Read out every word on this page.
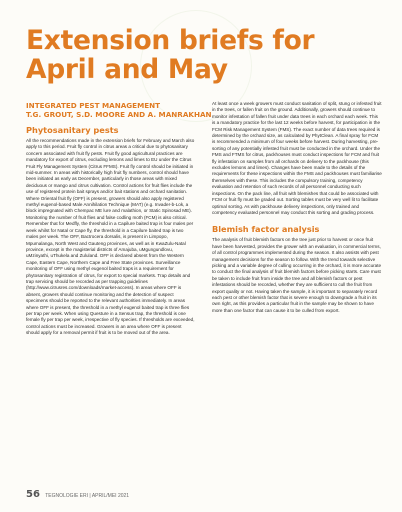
Extension briefs for
April and May

INTEGRATED PEST MANAGEMENT

T.G. GROUT, S.D. MOORE AND A. MANRAKHAN

Phytosanitary pests

All the recommendations made in the extension briefs for February and March also apply to this period. Fruit fly control in citrus areas a critical due to phytosanitary concern associated with fruit fly pests. Fruit fly good agricultural practices are mandatory for export of citrus, excluding lemons and limes to EU under the Citrus Fruit Fly Management System (Citrus FFMS). Fruit fly control should be initiated in mid-summer. In areas with historically high fruit fly numbers, control should have been initiated as early as December, particularly in those areas with mixed deciduous or mango and citrus cultivation. Control actions for fruit flies include the use of registered protein bait sprays and/or bait stations and orchard sanitation. Where Oriental fruit fly (OFF) is present, growers should also apply registered methyl eugenol-based Male Annihilation Technique (MAT) (e.g. Invader-b-Lok, a block impregnated with Chempac ME lure and malathion, or Static Spinosad ME). Monitoring the number of fruit flies and false codling moth (FCM) is also critical. Remember that for Medfly, the threshold in a Capilure baited trap is four males per week whilst for Natal or Cape fly, the threshold in a Capilure baited trap is two males per week. The OFF, Bactrocera dorsalis, is present in Limpopo, Mpumalanga, North West and Gauteng provinces, as well as in KwaZulu-Natal province, except in the magisterial districts of Amajuba, uMgungundlovu, uMzinyathi, uThukela and Zululand. OFF is declared absent from the Western Cape, Eastern Cape, Northern Cape and Free State provinces. Surveillance monitoring of OFF using methyl eugenol baited traps is a requirement for phytosanitary registration of citrus, for export to special markets. Trap details and trap servicing should be recorded as per trapping guidelines (http://www.citrusres.com/downloads/market-access). In areas where OFF is absent, growers should continue monitoring and the detection of suspect specimens should be reported to the relevant authorities immediately. In areas where OFF is present, the threshold in a methyl eugenol baited trap is three flies per trap per week. When using Questure in a Sensus trap, the threshold is one female fly per trap per week, irrespective of fly species. If thresholds are exceeded, control actions must be increased. Growers in an area where OFF is present should apply for a removal permit if fruit is to be moved out of the area.

At least once a week growers must conduct sanitation of split, stung or infested fruit in the trees, or fallen fruit on the ground. Additionally, growers should continue to monitor infestation of fallen fruit under data trees in each orchard each week. This is a mandatory practice for the last 12 weeks before harvest, for participation in the FCM Risk Management System (FMS). The exact number of data trees required is determined by the orchard size, as calculated by PhytClean. A final spray for FCM is recommended a minimum of four weeks before harvest. During harvesting, pre-sorting of any potentially infested fruit must be conducted in the orchard. Under the FMS and FTMS for citrus, packhouses must conduct inspections for FCM and fruit fly infestation on samples from all orchards on delivery to the packhouse (this excludes lemons and limes). Changes have been made to the details of the requirements for these inspections within the FMS and packhouses must familiarise themselves with these. This includes the compulsory training, competency evaluation and retention of such records of all personnel conducting such inspections. On the pack line, all fruit with blemishes that could be associated with FCM or fruit fly must be graded out. Sorting tables must be very well lit to facilitate optimal sorting. As with packhouse delivery inspections, only trained and competency evaluated personnel may conduct this sorting and grading process.

Blemish factor analysis

The analysis of fruit blemish factors on the tree just prior to harvest or once fruit have been harvested, provides the grower with an evaluation, in commercial terms, of all control programmes implemented during the season. It also assists with pest management decisions for the season to follow. With the trend towards selective picking and a variable degree of culling occurring in the orchard, it is more accurate to conduct the final analysis of fruit blemish factors before picking starts. Care must be taken to include fruit from inside the tree and all blemish factors or pest infestations should be recorded, whether they are sufficient to cull the fruit from export quality or not. Having taken the sample, it is important to separately record each pest or other blemish factor that is severe enough to downgrade a fruit in its own right, as this provides a particular fruit in the sample may be shown to have more than one factor that can cause it to be culled from export.

56 TEGNOLOGIE ERI | APRIL/MEI 2021
